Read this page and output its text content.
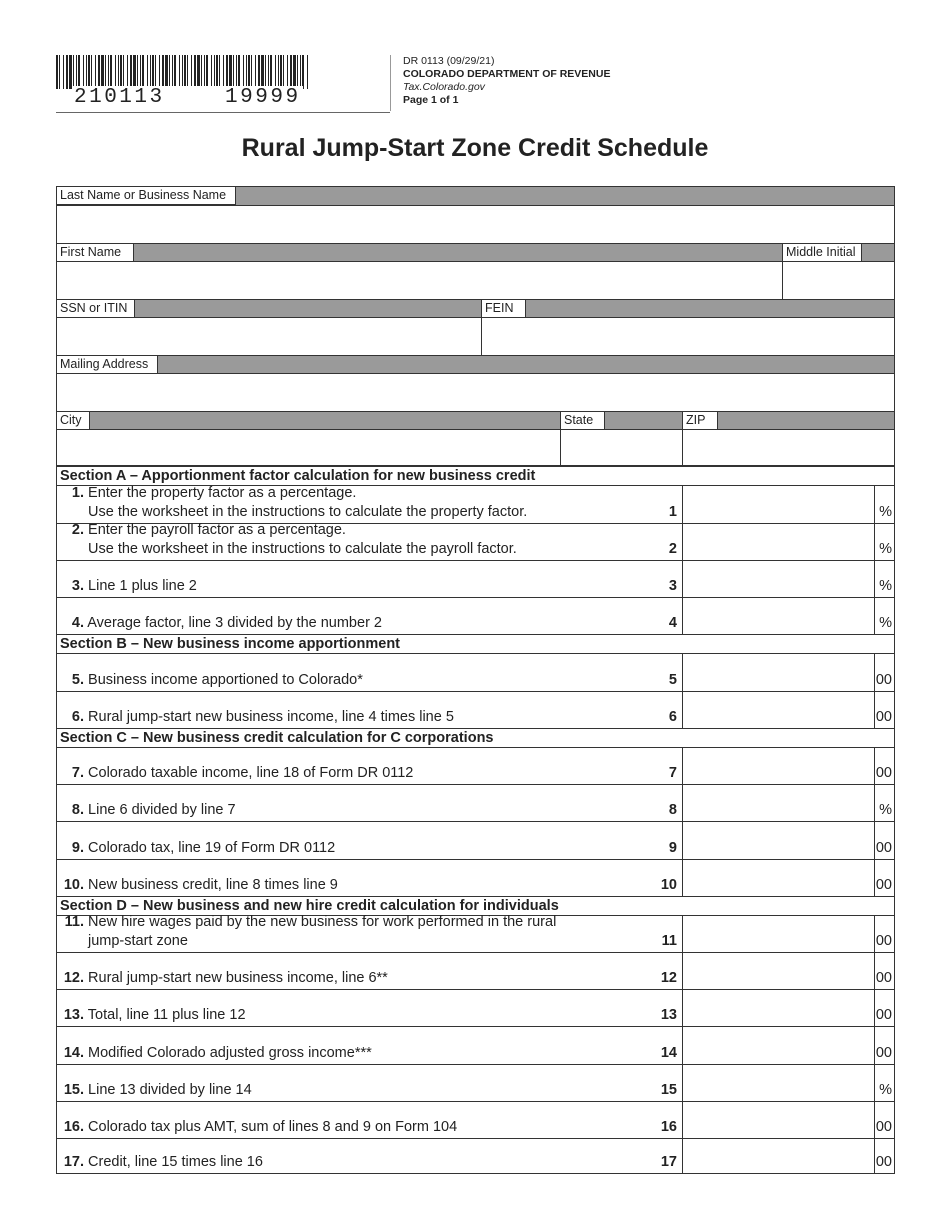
210113	19999
DR 0113 (09/29/21)
COLORADO DEPARTMENT OF REVENUE
Tax.Colorado.gov
Page 1 of 1
Rural Jump-Start Zone Credit Schedule
Last Name or Business Name
First Name	Middle Initial
SSN or ITIN	FEIN
Mailing Address
City	State	ZIP
Section A – Apportionment factor calculation for new business credit
1. Enter the property factor as a percentage.
Use the worksheet in the instructions to calculate the property factor.	1	%
2. Enter the payroll factor as a percentage.
Use the worksheet in the instructions to calculate the payroll factor.	2	%
3. Line 1 plus line 2	3	%
4. Average factor, line 3 divided by the number 2	4	%
Section B – New business income apportionment
5. Business income apportioned to Colorado*	5	00
6. Rural jump-start new business income, line 4 times line 5	6	00
Section C – New business credit calculation for C corporations
7. Colorado taxable income, line 18 of Form DR 0112	7	00
8. Line 6 divided by line 7	8	%
9. Colorado tax, line 19 of Form DR 0112	9	00
10. New business credit, line 8 times line 9	10	00
Section D – New business and new hire credit calculation for individuals
11. New hire wages paid by the new business for work performed in the rural
jump-start zone	11	00
12. Rural jump-start new business income, line 6**	12	00
13. Total, line 11 plus line 12	13	00
14. Modified Colorado adjusted gross income***	14	00
15. Line 13 divided by line 14	15	%
16. Colorado tax plus AMT, sum of lines 8 and 9 on Form 104	16	00
17. Credit, line 15 times line 16	17	00
